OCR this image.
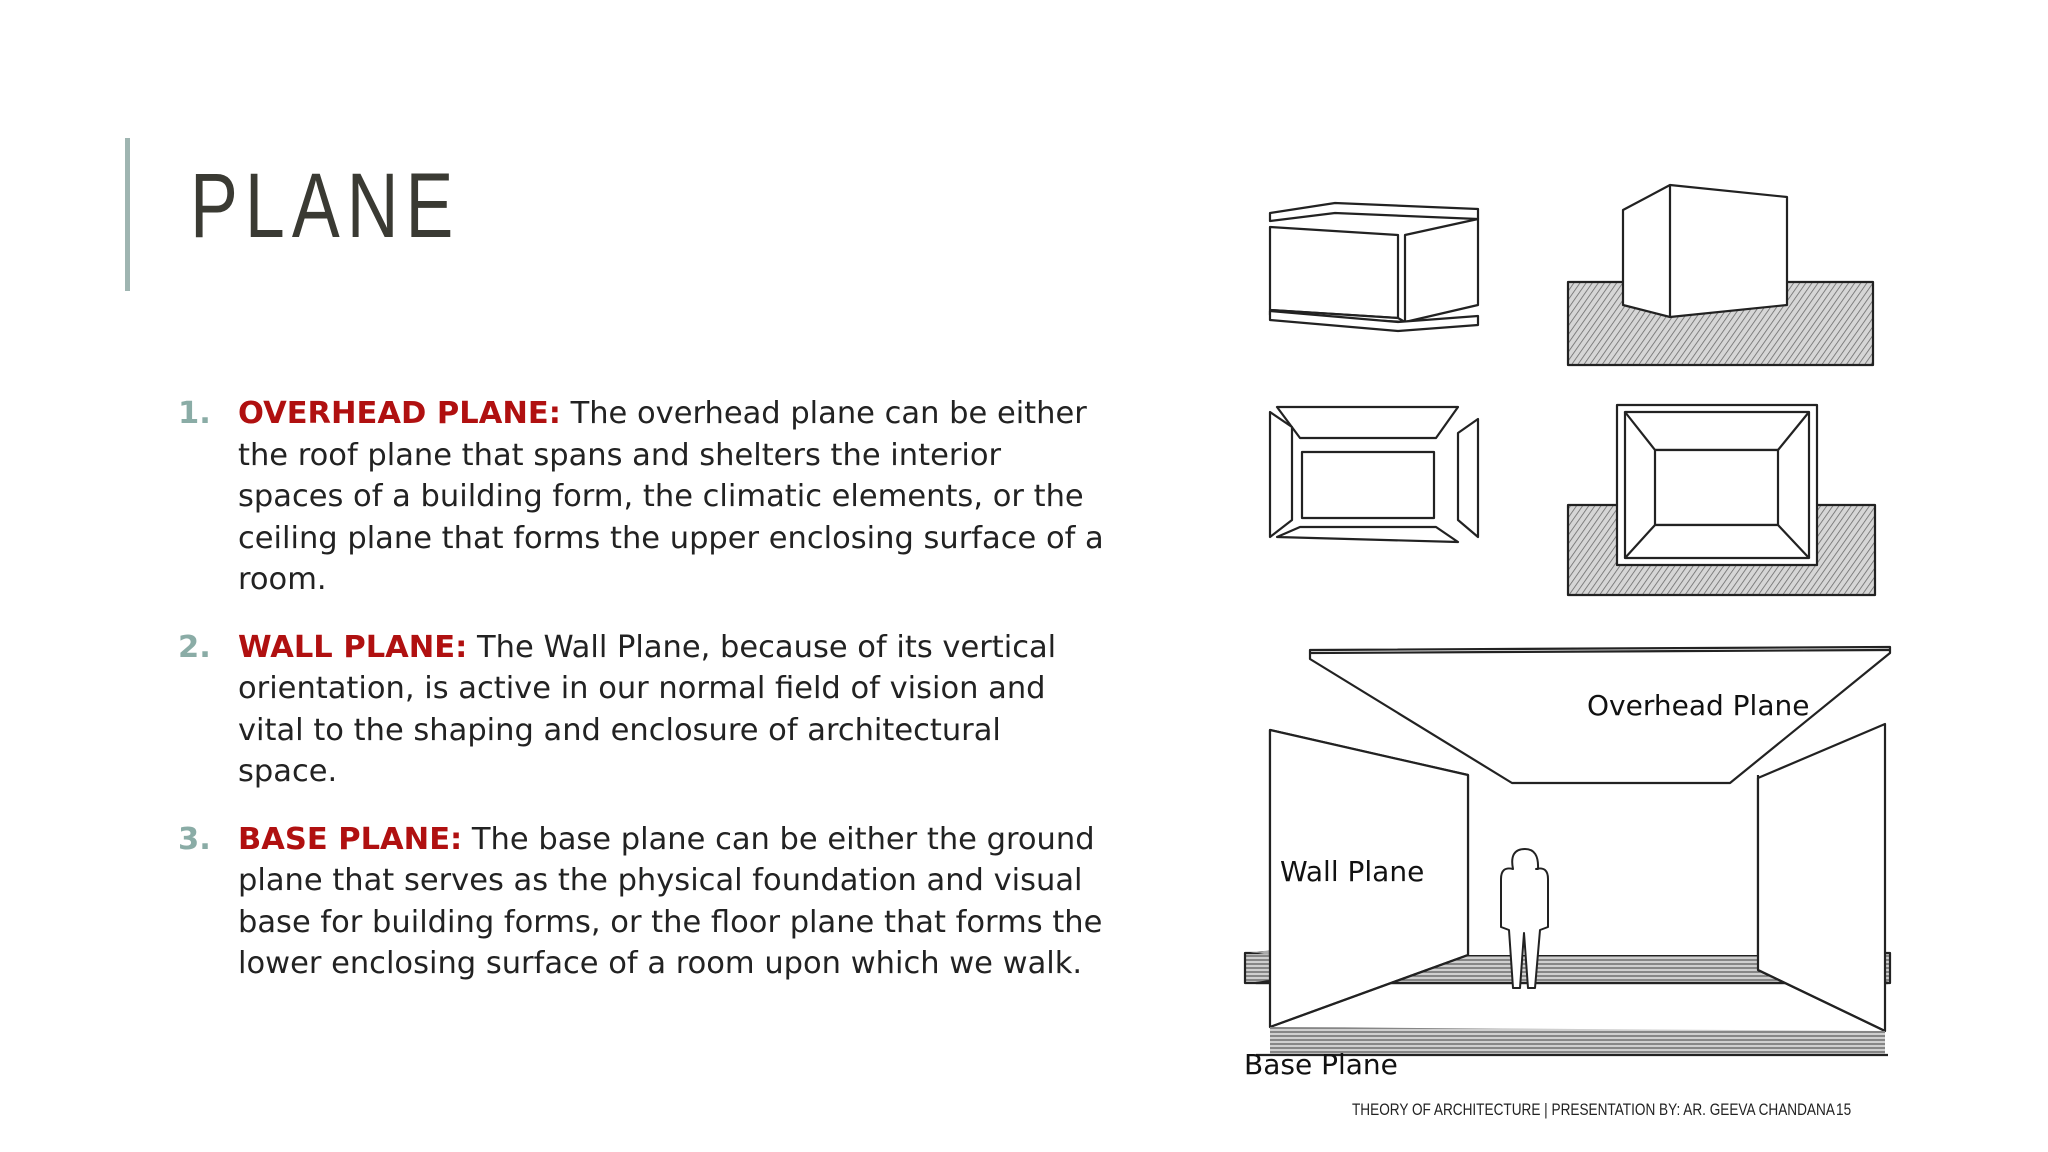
PLANE
1. OVERHEAD PLANE: The overhead plane can be either the roof plane that spans and shelters the interior spaces of a building form, the climatic elements, or the ceiling plane that forms the upper enclosing surface of a room.
2. WALL PLANE: The Wall Plane, because of its vertical orientation, is active in our normal field of vision and vital to the shaping and enclosure of architectural space.
3. BASE PLANE: The base plane can be either the ground plane that serves as the physical foundation and visual base for building forms, or the floor plane that forms the lower enclosing surface of a room upon which we walk.
Overhead Plane
Wall Plane
Base Plane
THEORY OF ARCHITECTURE | PRESENTATION BY: AR. GEEVA CHANDANA 15
